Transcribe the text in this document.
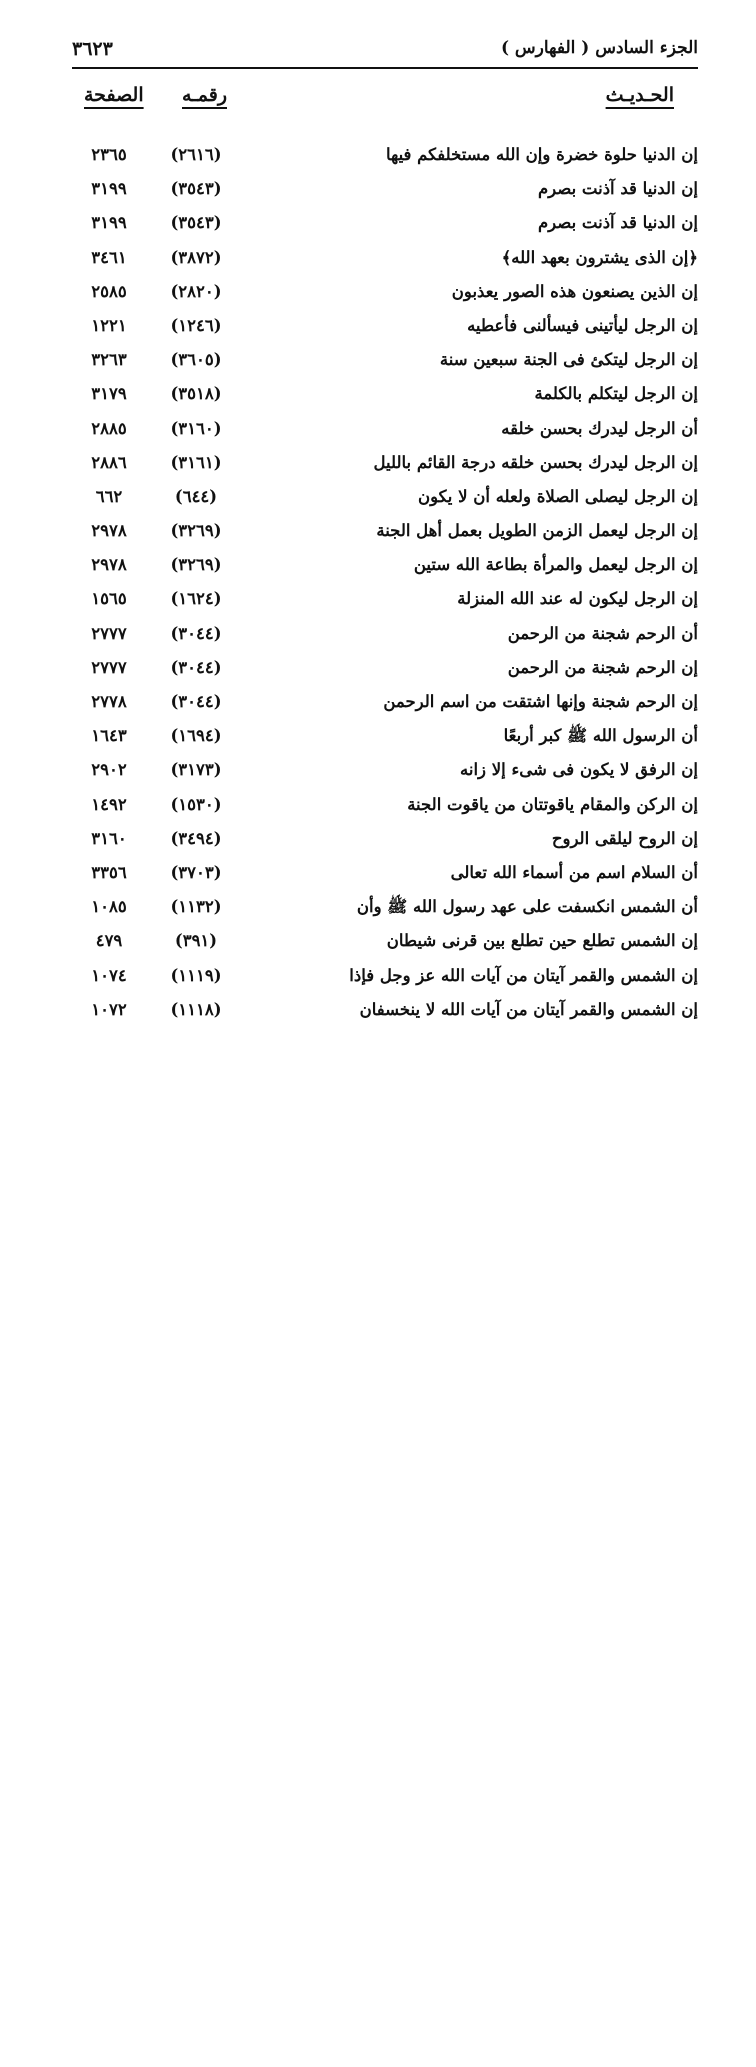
الجزء السادس ( الفهارس )
٣٦٢٣
الحـديـث
رقمـه
الصفحة
إن الدنيا حلوة خضرة وإن الله مستخلفكم فيها
(٢٦١٦)
٢٣٦٥
إن الدنيا قد آذنت بصرم
(٣٥٤٣)
٣١٩٩
إن الدنيا قد آذنت بصرم
(٣٥٤٣)
٣١٩٩
﴿إن الذى يشترون بعهد الله﴾
(٣٨٧٢)
٣٤٦١
إن الذين يصنعون هذه الصور يعذبون
(٢٨٢٠)
٢٥٨٥
إن الرجل ليأتينى فيسألنى فأعطيه
(١٢٤٦)
١٢٢١
إن الرجل ليتكئ فى الجنة سبعين سنة
(٣٦٠٥)
٣٢٦٣
إن الرجل ليتكلم بالكلمة
(٣٥١٨)
٣١٧٩
أن الرجل ليدرك بحسن خلقه
(٣١٦٠)
٢٨٨٥
إن الرجل ليدرك بحسن خلقه درجة القائم بالليل
(٣١٦١)
٢٨٨٦
إن الرجل ليصلى الصلاة ولعله أن لا يكون
(٦٤٤)
٦٦٢
إن الرجل ليعمل الزمن الطويل بعمل أهل الجنة
(٣٢٦٩)
٢٩٧٨
إن الرجل ليعمل والمرأة بطاعة الله ستين
(٣٢٦٩)
٢٩٧٨
إن الرجل ليكون له عند الله المنزلة
(١٦٢٤)
١٥٦٥
أن الرحم شجنة من الرحمن
(٣٠٤٤)
٢٧٧٧
إن الرحم شجنة من الرحمن
(٣٠٤٤)
٢٧٧٧
إن الرحم شجنة وإنها اشتقت من اسم الرحمن
(٣٠٤٤)
٢٧٧٨
أن الرسول الله ﷺ كبر أربعًا
(١٦٩٤)
١٦٤٣
إن الرفق لا يكون فى شىء إلا زانه
(٣١٧٣)
٢٩٠٢
إن الركن والمقام ياقوتتان من ياقوت الجنة
(١٥٣٠)
١٤٩٢
إن الروح ليلقى الروح
(٣٤٩٤)
٣١٦٠
أن السلام اسم من أسماء الله تعالى
(٣٧٠٣)
٣٣٥٦
أن الشمس انكسفت على عهد رسول الله ﷺ وأن
(١١٣٢)
١٠٨٥
إن الشمس تطلع حين تطلع بين قرنى شيطان
(٣٩١)
٤٧٩
إن الشمس والقمر آيتان من آيات الله عز وجل فإذا
(١١١٩)
١٠٧٤
إن الشمس والقمر آيتان من آيات الله لا ينخسفان
(١١١٨)
١٠٧٢
